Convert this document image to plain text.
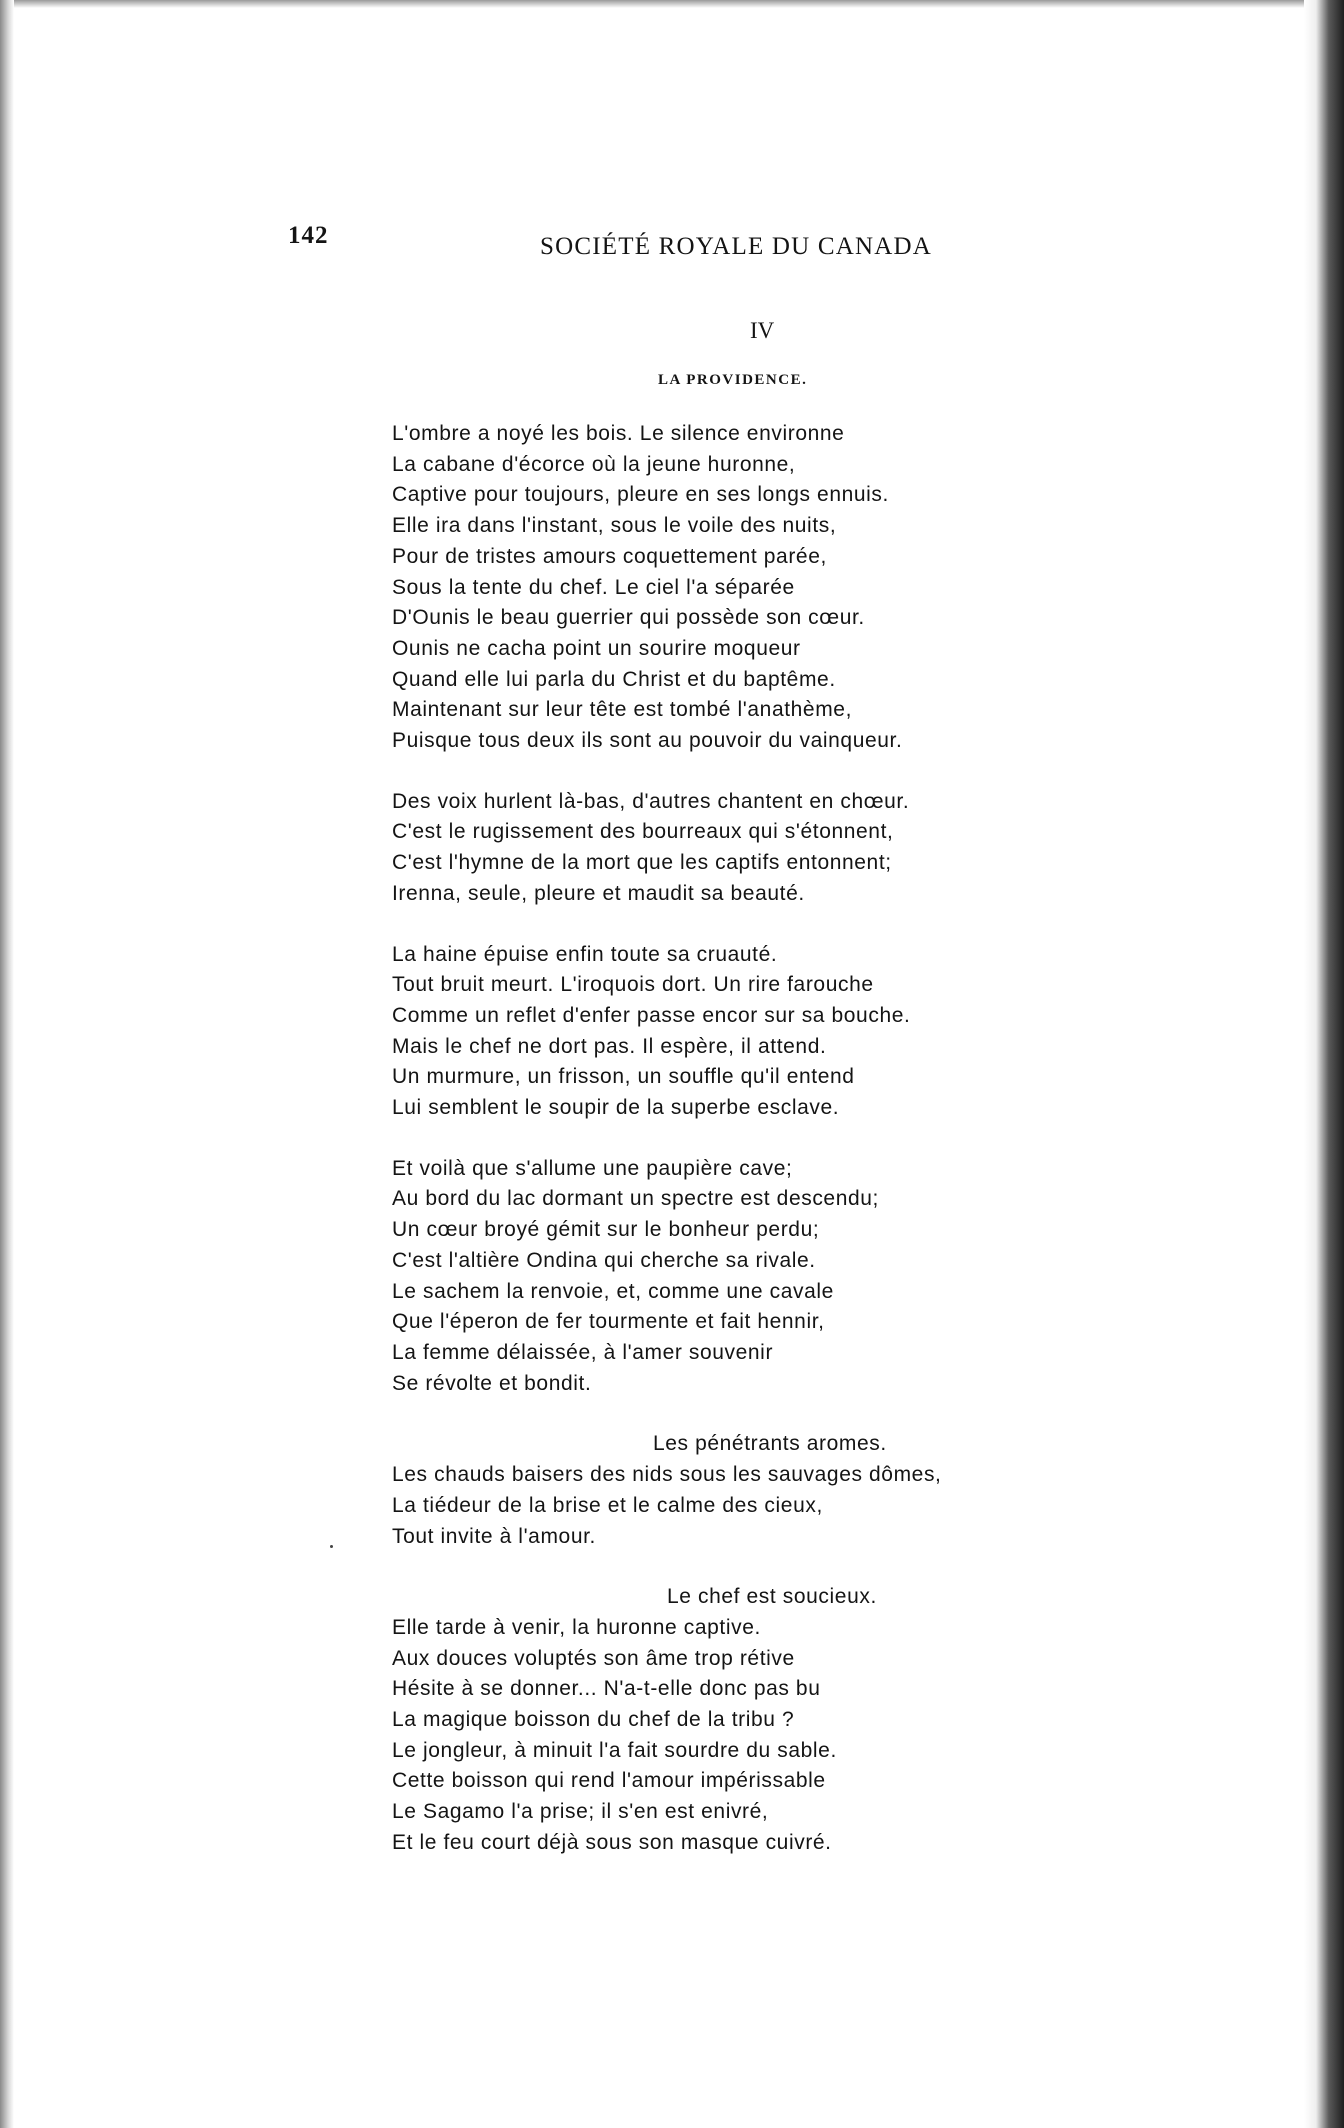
142	SOCIÉTÉ ROYALE DU CANADA
IV
LA PROVIDENCE.
L'ombre a noyé les bois. Le silence environne
La cabane d'écorce où la jeune huronne,
Captive pour toujours, pleure en ses longs ennuis.
Elle ira dans l'instant, sous le voile des nuits,
Pour de tristes amours coquettement parée,
Sous la tente du chef. Le ciel l'a séparée
D'Ounis le beau guerrier qui possède son cœur.
Ounis ne cacha point un sourire moqueur
Quand elle lui parla du Christ et du baptême.
Maintenant sur leur tête est tombé l'anathème,
Puisque tous deux ils sont au pouvoir du vainqueur.
Des voix hurlent là-bas, d'autres chantent en chœur.
C'est le rugissement des bourreaux qui s'étonnent,
C'est l'hymne de la mort que les captifs entonnent;
Irenna, seule, pleure et maudit sa beauté.
La haine épuise enfin toute sa cruauté.
Tout bruit meurt. L'iroquois dort. Un rire farouche
Comme un reflet d'enfer passe encor sur sa bouche.
Mais le chef ne dort pas. Il espère, il attend.
Un murmure, un frisson, un souffle qu'il entend
Lui semblent le soupir de la superbe esclave.
Et voilà que s'allume une paupière cave;
Au bord du lac dormant un spectre est descendu;
Un cœur broyé gémit sur le bonheur perdu;
C'est l'altière Ondina qui cherche sa rivale.
Le sachem la renvoie, et, comme une cavale
Que l'éperon de fer tourmente et fait hennir,
La femme délaissée, à l'amer souvenir
Se révolte et bondit.
Les pénétrants aromes.
Les chauds baisers des nids sous les sauvages dômes,
La tiédeur de la brise et le calme des cieux,
Tout invite à l'amour.
Le chef est soucieux.
Elle tarde à venir, la huronne captive.
Aux douces voluptés son âme trop rétive
Hésite à se donner... N'a-t-elle donc pas bu
La magique boisson du chef de la tribu ?
Le jongleur, à minuit l'a fait sourdre du sable.
Cette boisson qui rend l'amour impérissable
Le Sagamo l'a prise; il s'en est enivré,
Et le feu court déjà sous son masque cuivré.
